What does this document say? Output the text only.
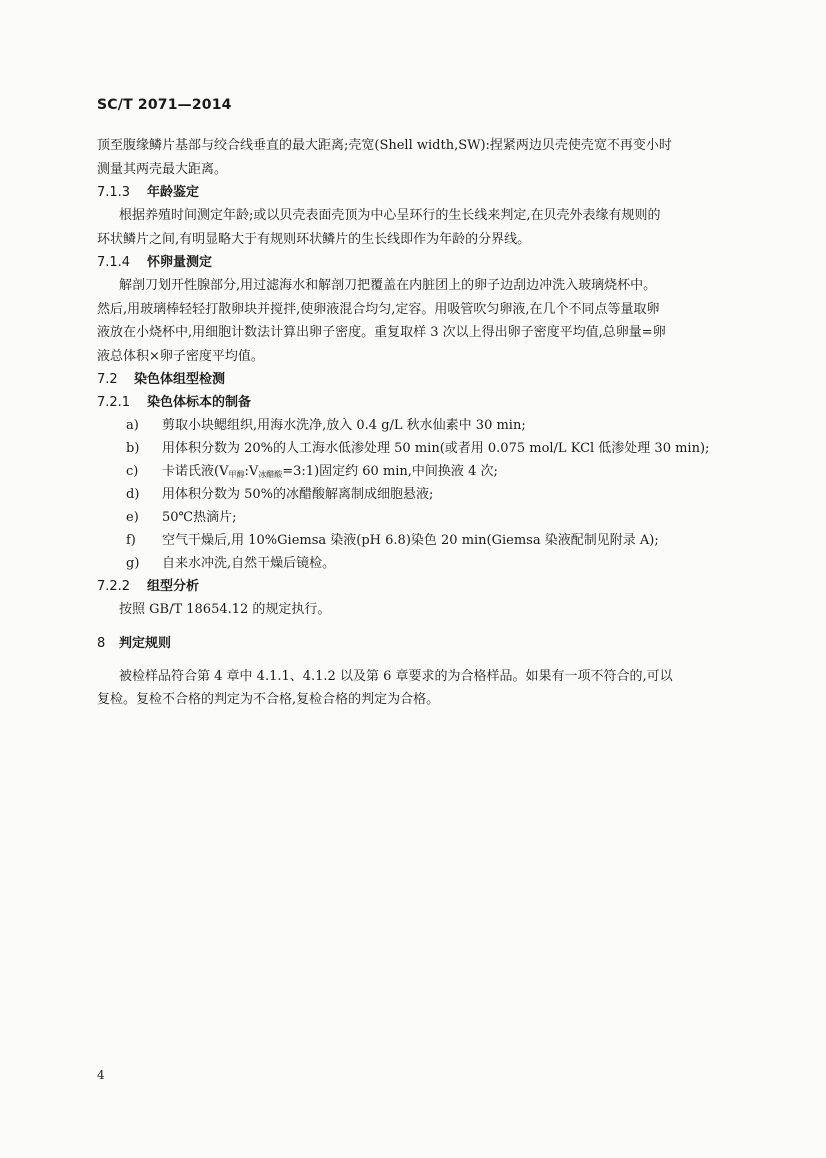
SC/T 2071—2014
顶至腹缘鳞片基部与绞合线垂直的最大距离;壳宽(Shell width,SW):捏紧两边贝壳使壳宽不再变小时
测量其两壳最大距离。
7.1.3 年龄鉴定
根据养殖时间测定年龄;或以贝壳表面壳顶为中心呈环行的生长线来判定,在贝壳外表缘有规则的
环状鳞片之间,有明显略大于有规则环状鳞片的生长线即作为年龄的分界线。
7.1.4 怀卵量测定
解剖刀划开性腺部分,用过滤海水和解剖刀把覆盖在内脏团上的卵子边刮边冲洗入玻璃烧杯中。
然后,用玻璃棒轻轻打散卵块并搅拌,使卵液混合均匀,定容。用吸管吹匀卵液,在几个不同点等量取卵
液放在小烧杯中,用细胞计数法计算出卵子密度。重复取样 3 次以上得出卵子密度平均值,总卵量=卵
液总体积×卵子密度平均值。
7.2 染色体组型检测
7.2.1 染色体标本的制备
a) 剪取小块鳃组织,用海水洗净,放入 0.4 g/L 秋水仙素中 30 min;
b) 用体积分数为 20%的人工海水低渗处理 50 min(或者用 0.075 mol/L KCl 低渗处理 30 min);
c) 卡诺氏液$(V_{甲醇}:V_{冰醋酸}=3:1)$固定约 60 min,中间换液 4 次;
d) 用体积分数为 50%的冰醋酸解离制成细胞悬液;
e) 50℃热滴片;
f) 空气干燥后,用 10%Giemsa 染液(pH 6.8)染色 20 min(Giemsa 染液配制见附录 A);
g) 自来水冲洗,自然干燥后镜检。
7.2.2 组型分析
按照 GB/T 18654.12 的规定执行。
8 判定规则
被检样品符合第 4 章中 4.1.1、4.1.2 以及第 6 章要求的为合格样品。如果有一项不符合的,可以
复检。复检不合格的判定为不合格,复检合格的判定为合格。
4
